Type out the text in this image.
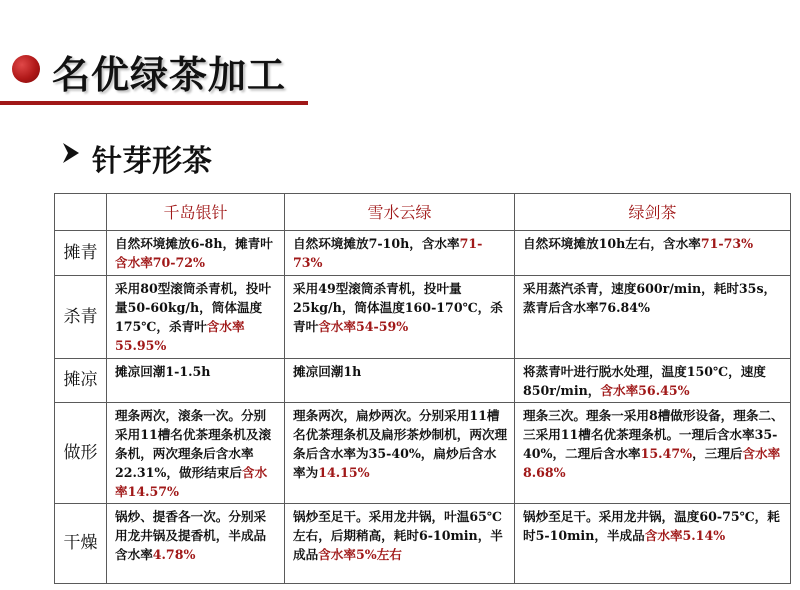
名优绿茶加工
针芽形茶
	千岛银针	雪水云绿	绿剑茶
摊青	自然环境摊放6-8h，摊青叶含水率70-72%	自然环境摊放7-10h，含水率71-73%	自然环境摊放10h左右，含水率71-73%
杀青	采用80型滚筒杀青机，投叶量50-60kg/h，筒体温度175℃，杀青叶含水率55.95%	采用49型滚筒杀青机，投叶量25kg/h，筒体温度160-170℃，杀青叶含水率54-59%	采用蒸汽杀青，速度600r/min，耗时35s，蒸青后含水率76.84%
摊凉	摊凉回潮1-1.5h	摊凉回潮1h	将蒸青叶进行脱水处理，温度150℃，速度850r/min，含水率56.45%
做形	理条两次，滚条一次。分别采用11槽名优茶理条机及滚条机，两次理条后含水率22.31%，做形结束后含水率14.57%	理条两次，扁炒两次。分别采用11槽名优茶理条机及扁形茶炒制机，两次理条后含水率为35-40%，扁炒后含水率为14.15%	理条三次。理条一采用8槽做形设备，理条二、三采用11槽名优茶理条机。一理后含水率35-40%，二理后含水率15.47%，三理后含水率8.68%
干燥	锅炒、提香各一次。分别采用龙井锅及提香机，半成品含水率4.78%	锅炒至足干。采用龙井锅，叶温65℃左右，后期稍高，耗时6-10min，半成品含水率5%左右	锅炒至足干。采用龙井锅，温度60-75℃，耗时5-10min，半成品含水率5.14%
